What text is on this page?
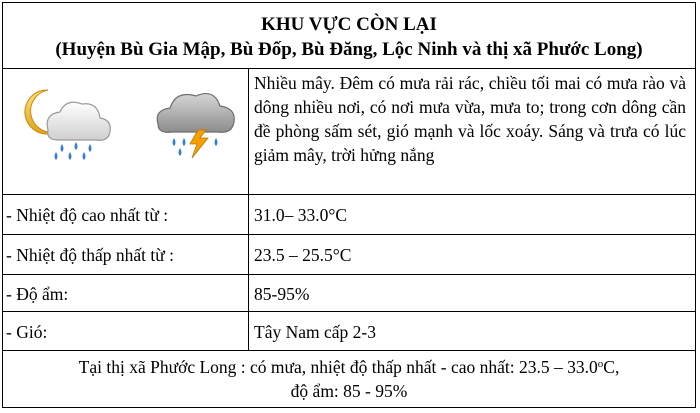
KHU VỰC CÒN LẠI
(Huyện Bù Gia Mập, Bù Đốp, Bù Đăng, Lộc Ninh và thị xã Phước Long)
Nhiều mây. Đêm có mưa rải rác, chiều tối mai có mưa rào và dông nhiều nơi, có nơi mưa vừa, mưa to; trong cơn dông cần đề phòng sấm sét, gió mạnh và lốc xoáy. Sáng và trưa có lúc giảm mây, trời hửng nắng
- Nhiệt độ cao nhất từ :	31.0– 33.0°C
- Nhiệt độ thấp nhất từ :	23.5 – 25.5°C
- Độ ẩm:	85-95%
- Gió:	Tây Nam cấp 2-3
Tại thị xã Phước Long : có mưa, nhiệt độ thấp nhất - cao nhất: 23.5 – 33.0$^o$C,
độ ẩm: 85 - 95%
